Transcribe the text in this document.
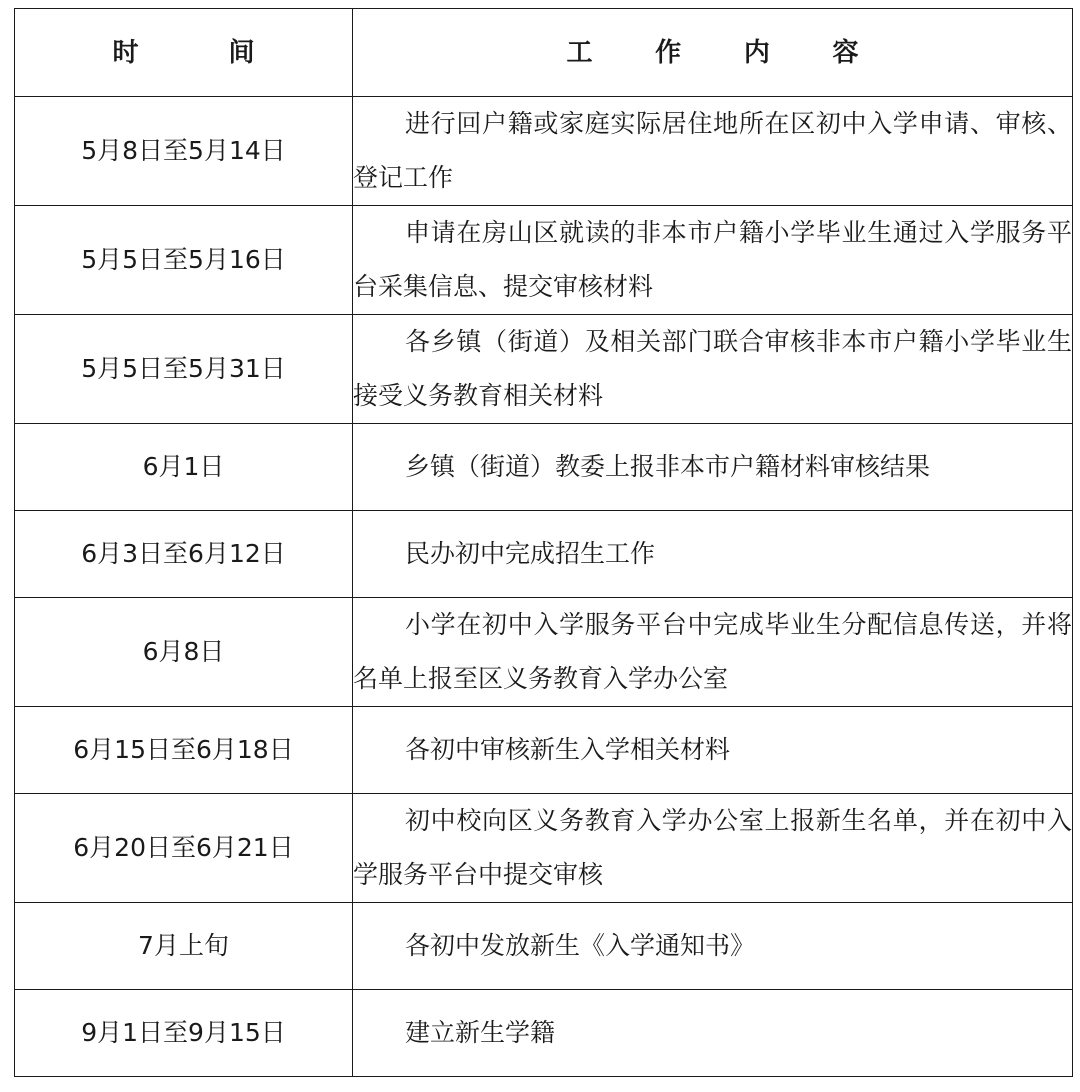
时 间	工 作 内 容

5月8日至5月14日	进行回户籍或家庭实际居住地所在区初中入学申请、审核、登记工作

5月5日至5月16日	申请在房山区就读的非本市户籍小学毕业生通过入学服务平台采集信息、提交审核材料

5月5日至5月31日	各乡镇（街道）及相关部门联合审核非本市户籍小学毕业生接受义务教育相关材料

6月1日	乡镇（街道）教委上报非本市户籍材料审核结果

6月3日至6月12日	民办初中完成招生工作

6月8日	小学在初中入学服务平台中完成毕业生分配信息传送，并将名单上报至区义务教育入学办公室

6月15日至6月18日	各初中审核新生入学相关材料

6月20日至6月21日	初中校向区义务教育入学办公室上报新生名单，并在初中入学服务平台中提交审核

7月上旬	各初中发放新生《入学通知书》

9月1日至9月15日	建立新生学籍
